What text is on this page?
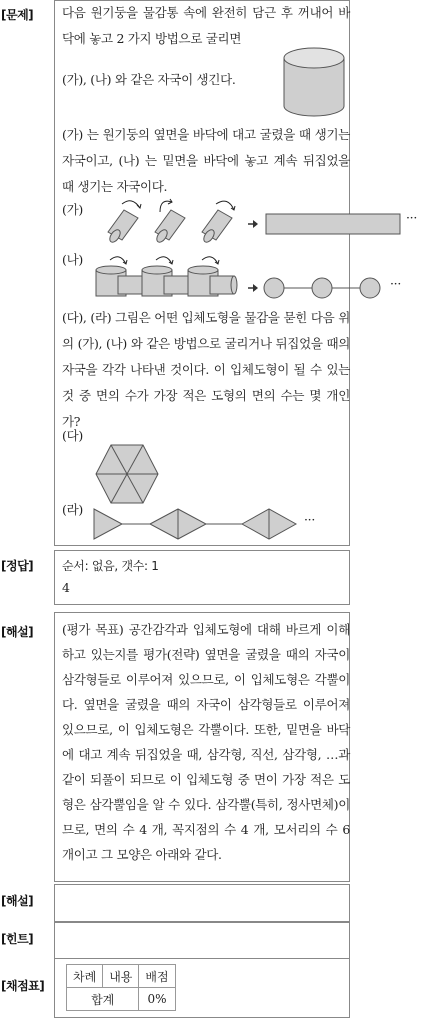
[문제]
[정답]
[해설]
[해설]
[힌트]
[채점표]
다음 원기둥을 물감통 속에 완전히 담근 후 꺼내어 바닥에 놓고 2 가지 방법으로 굴리면
(가), (나) 와 같은 자국이 생긴다.
(가) 는 원기둥의 옆면을 바닥에 대고 굴렸을 때 생기는 자국이고, (나) 는 밑면을 바닥에 놓고 계속 뒤집었을 때 생기는 자국이다.
(가)
···
(나)
···
(다), (라) 그림은 어떤 입체도형을 물감을 묻힌 다음 위의 (가), (나) 와 같은 방법으로 굴리거나 뒤집었을 때의 자국을 각각 나타낸 것이다. 이 입체도형이 될 수 있는 것 중 면의 수가 가장 적은 도형의 면의 수는 몇 개인가?
(다)
(라)
···
순서: 없음, 갯수: 1
4
(평가 목표) 공간감각과 입체도형에 대해 바르게 이해하고 있는지를 평가(전략) 옆면을 굴렸을 때의 자국이 삼각형들로 이루어져 있으므로, 이 입체도형은 각뿔이다. 옆면을 굴렸을 때의 자국이 삼각형들로 이루어져 있으므로, 이 입체도형은 각뿔이다. 또한, 밑면을 바닥에 대고 계속 뒤집었을 때, 삼각형, 직선, 삼각형, …과 같이 되풀이 되므로 이 입체도형 중 면이 가장 적은 도형은 삼각뿔임을 알 수 있다. 삼각뿔(특히, 정사면체)이므로, 면의 수 4 개, 꼭지점의 수 4 개, 모서리의 수 6 개이고 그 모양은 아래와 같다.
차례	내용	배점
합계		0%
